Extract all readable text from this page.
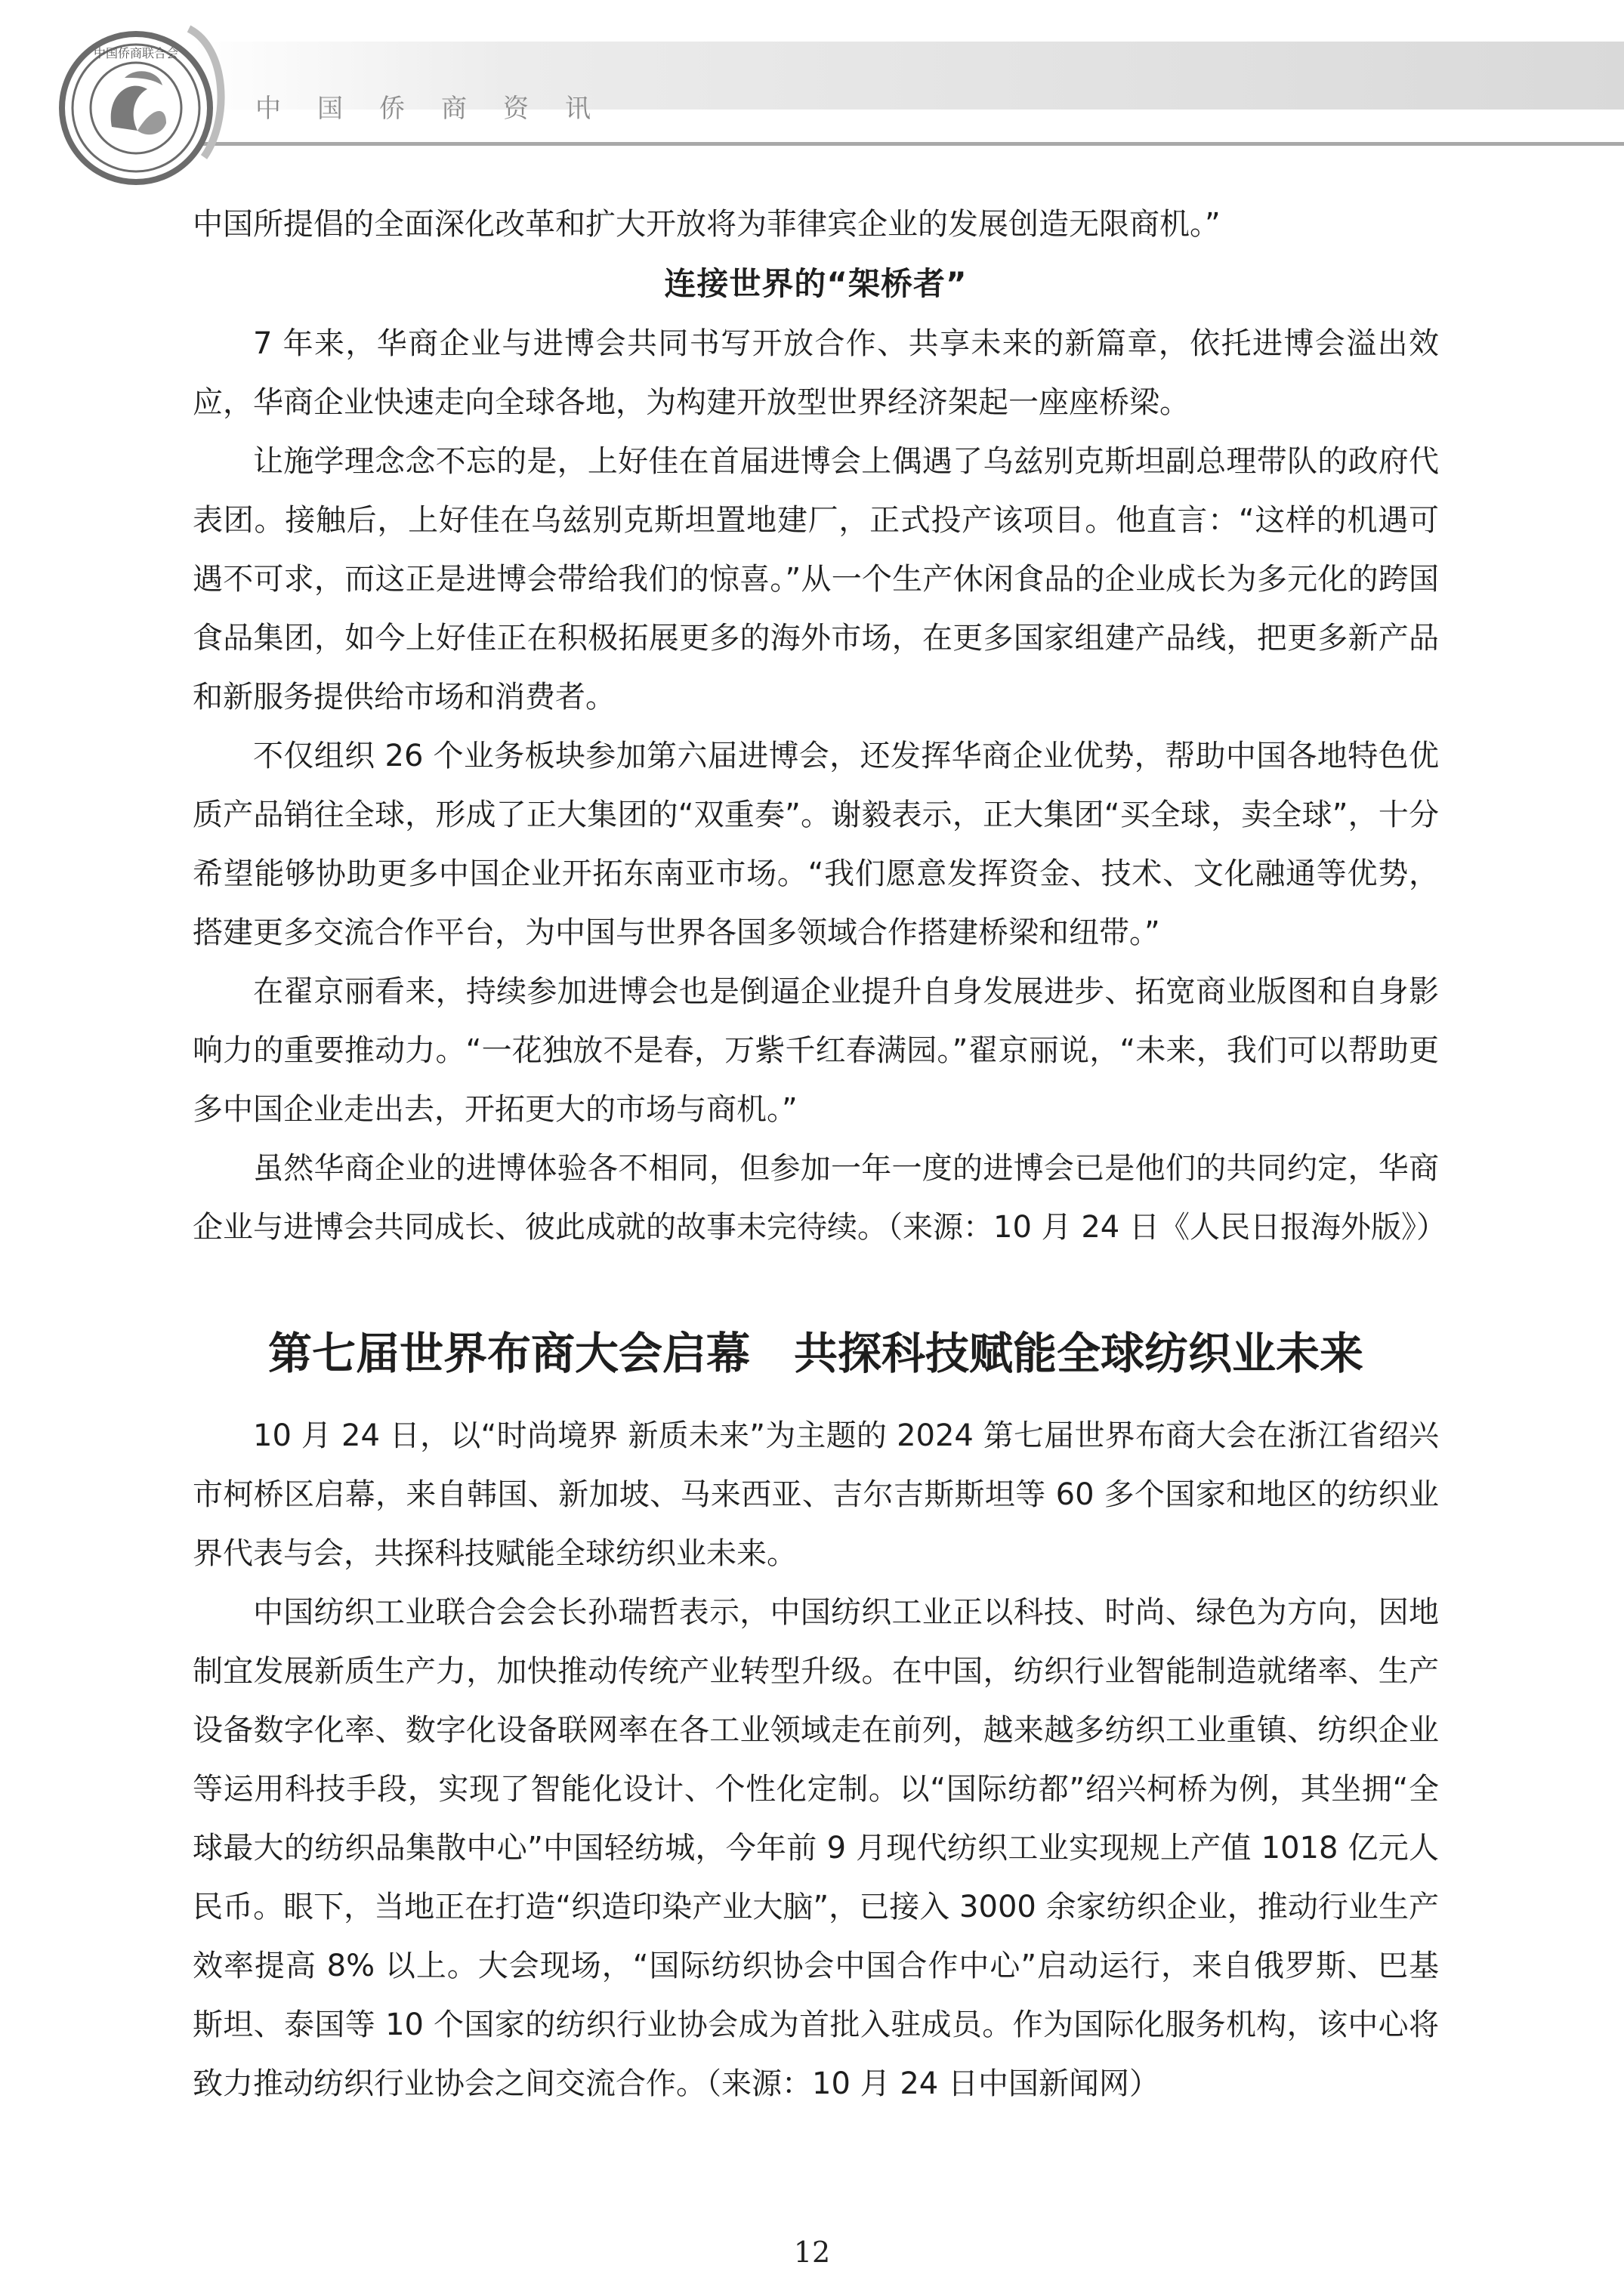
中国侨商联合会
中国侨商资讯

中国所提倡的全面深化改革和扩大开放将为菲律宾企业的发展创造无限商机。”

连接世界的“架桥者”

7 年来，华商企业与进博会共同书写开放合作、共享未来的新篇章，依托进博会溢出效应，华商企业快速走向全球各地，为构建开放型世界经济架起一座座桥梁。

让施学理念念不忘的是，上好佳在首届进博会上偶遇了乌兹别克斯坦副总理带队的政府代表团。接触后，上好佳在乌兹别克斯坦置地建厂，正式投产该项目。他直言：“这样的机遇可遇不可求，而这正是进博会带给我们的惊喜。”从一个生产休闲食品的企业成长为多元化的跨国食品集团，如今上好佳正在积极拓展更多的海外市场，在更多国家组建产品线，把更多新产品和新服务提供给市场和消费者。

不仅组织 26 个业务板块参加第六届进博会，还发挥华商企业优势，帮助中国各地特色优质产品销往全球，形成了正大集团的“双重奏”。谢毅表示，正大集团“买全球，卖全球”，十分希望能够协助更多中国企业开拓东南亚市场。“我们愿意发挥资金、技术、文化融通等优势，搭建更多交流合作平台，为中国与世界各国多领域合作搭建桥梁和纽带。”

在翟京丽看来，持续参加进博会也是倒逼企业提升自身发展进步、拓宽商业版图和自身影响力的重要推动力。“一花独放不是春，万紫千红春满园。”翟京丽说，“未来，我们可以帮助更多中国企业走出去，开拓更大的市场与商机。”

虽然华商企业的进博体验各不相同，但参加一年一度的进博会已是他们的共同约定，华商企业与进博会共同成长、彼此成就的故事未完待续。（来源：10 月 24 日《人民日报海外版》）

第七届世界布商大会启幕　共探科技赋能全球纺织业未来

10 月 24 日，以“时尚境界 新质未来”为主题的 2024 第七届世界布商大会在浙江省绍兴市柯桥区启幕，来自韩国、新加坡、马来西亚、吉尔吉斯斯坦等 60 多个国家和地区的纺织业界代表与会，共探科技赋能全球纺织业未来。

中国纺织工业联合会会长孙瑞哲表示，中国纺织工业正以科技、时尚、绿色为方向，因地制宜发展新质生产力，加快推动传统产业转型升级。在中国，纺织行业智能制造就绪率、生产设备数字化率、数字化设备联网率在各工业领域走在前列，越来越多纺织工业重镇、纺织企业等运用科技手段，实现了智能化设计、个性化定制。以“国际纺都”绍兴柯桥为例，其坐拥“全球最大的纺织品集散中心”中国轻纺城，今年前 9 月现代纺织工业实现规上产值 1018 亿元人民币。眼下，当地正在打造“织造印染产业大脑”，已接入 3000 余家纺织企业，推动行业生产效率提高 8% 以上。大会现场，“国际纺织协会中国合作中心”启动运行，来自俄罗斯、巴基斯坦、泰国等 10 个国家的纺织行业协会成为首批入驻成员。作为国际化服务机构，该中心将致力推动纺织行业协会之间交流合作。（来源：10 月 24 日中国新闻网）

12
